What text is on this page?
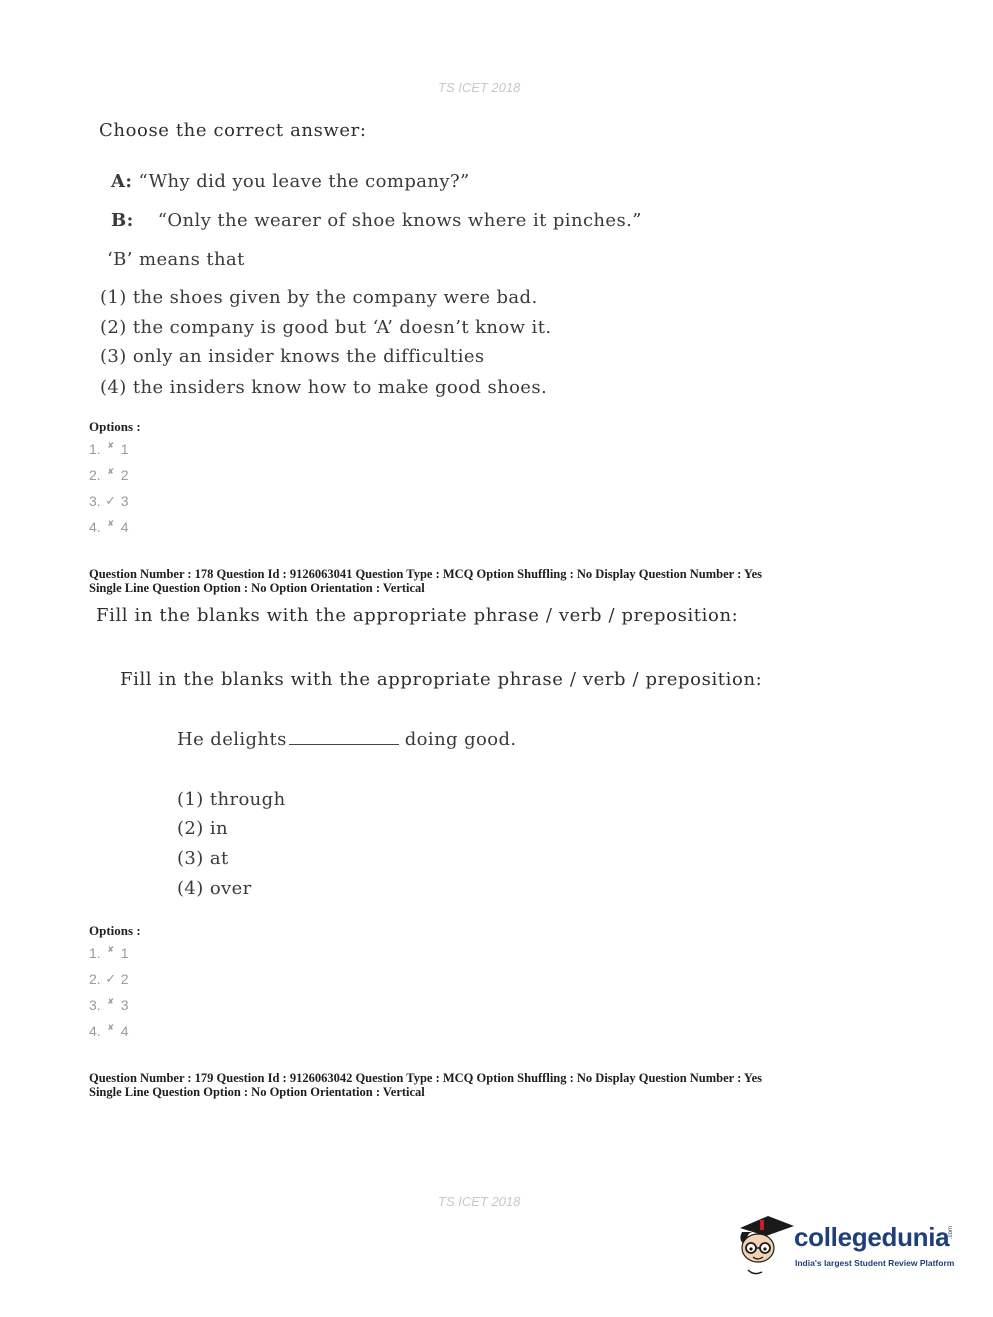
TS ICET 2018
Choose the correct answer:
A: “Why did you leave the company?”
B: “Only the wearer of shoe knows where it pinches.”
‘B’ means that
(1) the shoes given by the company were bad.
(2) the company is good but ‘A’ doesn’t know it.
(3) only an insider knows the difficulties
(4) the insiders know how to make good shoes.
Options :
1. ✘ 1
2. ✘ 2
3. ✓ 3
4. ✘ 4
Question Number : 178 Question Id : 9126063041 Question Type : MCQ Option Shuffling : No Display Question Number : Yes
Single Line Question Option : No Option Orientation : Vertical
Fill in the blanks with the appropriate phrase / verb / preposition:
Fill in the blanks with the appropriate phrase / verb / preposition:
He delights	doing good.
(1) through
(2) in
(3) at
(4) over
Options :
1. ✘ 1
2. ✓ 2
3. ✘ 3
4. ✘ 4
Question Number : 179 Question Id : 9126063042 Question Type : MCQ Option Shuffling : No Display Question Number : Yes
Single Line Question Option : No Option Orientation : Vertical
TS ICET 2018
collegedunia
.com
India's largest Student Review Platform
